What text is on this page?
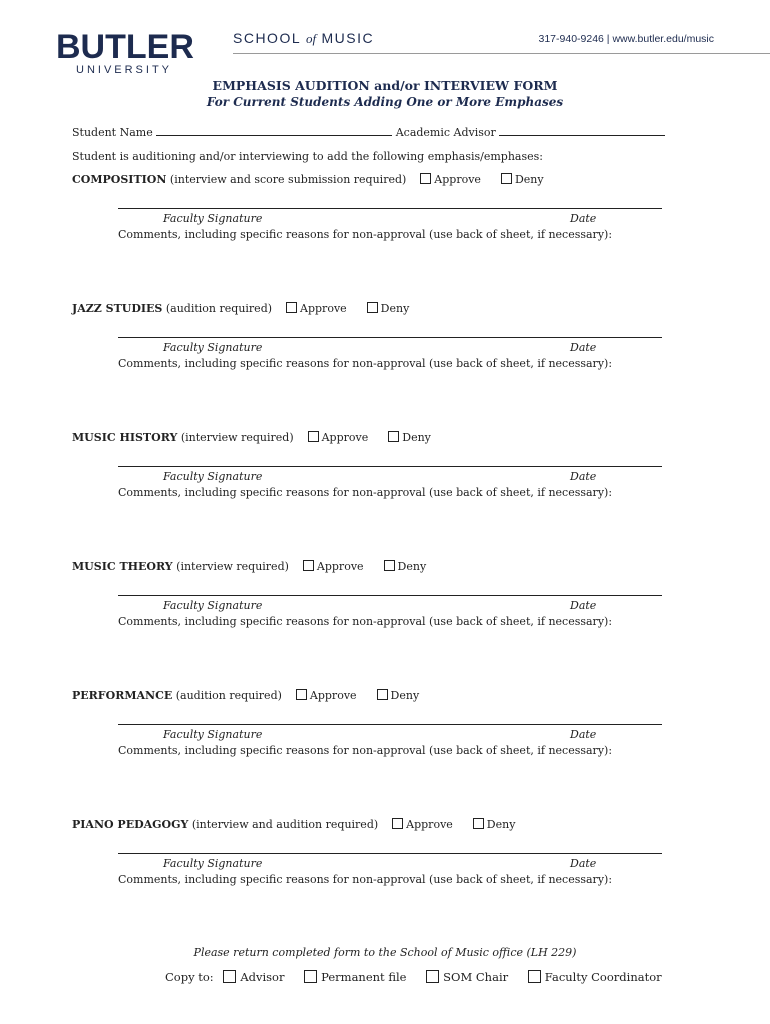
BUTLER
UNIVERSITY
SCHOOL of MUSIC	317-940-9246 | www.butler.edu/music
EMPHASIS AUDITION and/or INTERVIEW FORM
For Current Students Adding One or More Emphases
Student Name	Academic Advisor
Student is auditioning and/or interviewing to add the following emphasis/emphases:
COMPOSITION (interview and score submission required)	Approve	Deny
Faculty Signature	Date
Comments, including specific reasons for non-approval (use back of sheet, if necessary):
JAZZ STUDIES (audition required)	Approve	Deny
Faculty Signature	Date
Comments, including specific reasons for non-approval (use back of sheet, if necessary):
MUSIC HISTORY (interview required)	Approve	Deny
Faculty Signature	Date
Comments, including specific reasons for non-approval (use back of sheet, if necessary):
MUSIC THEORY (interview required)	Approve	Deny
Faculty Signature	Date
Comments, including specific reasons for non-approval (use back of sheet, if necessary):
PERFORMANCE (audition required)	Approve	Deny
Faculty Signature	Date
Comments, including specific reasons for non-approval (use back of sheet, if necessary):
PIANO PEDAGOGY (interview and audition required)	Approve	Deny
Faculty Signature	Date
Comments, including specific reasons for non-approval (use back of sheet, if necessary):
Please return completed form to the School of Music office (LH 229)
Copy to: Advisor	Permanent file	SOM Chair	Faculty Coordinator
